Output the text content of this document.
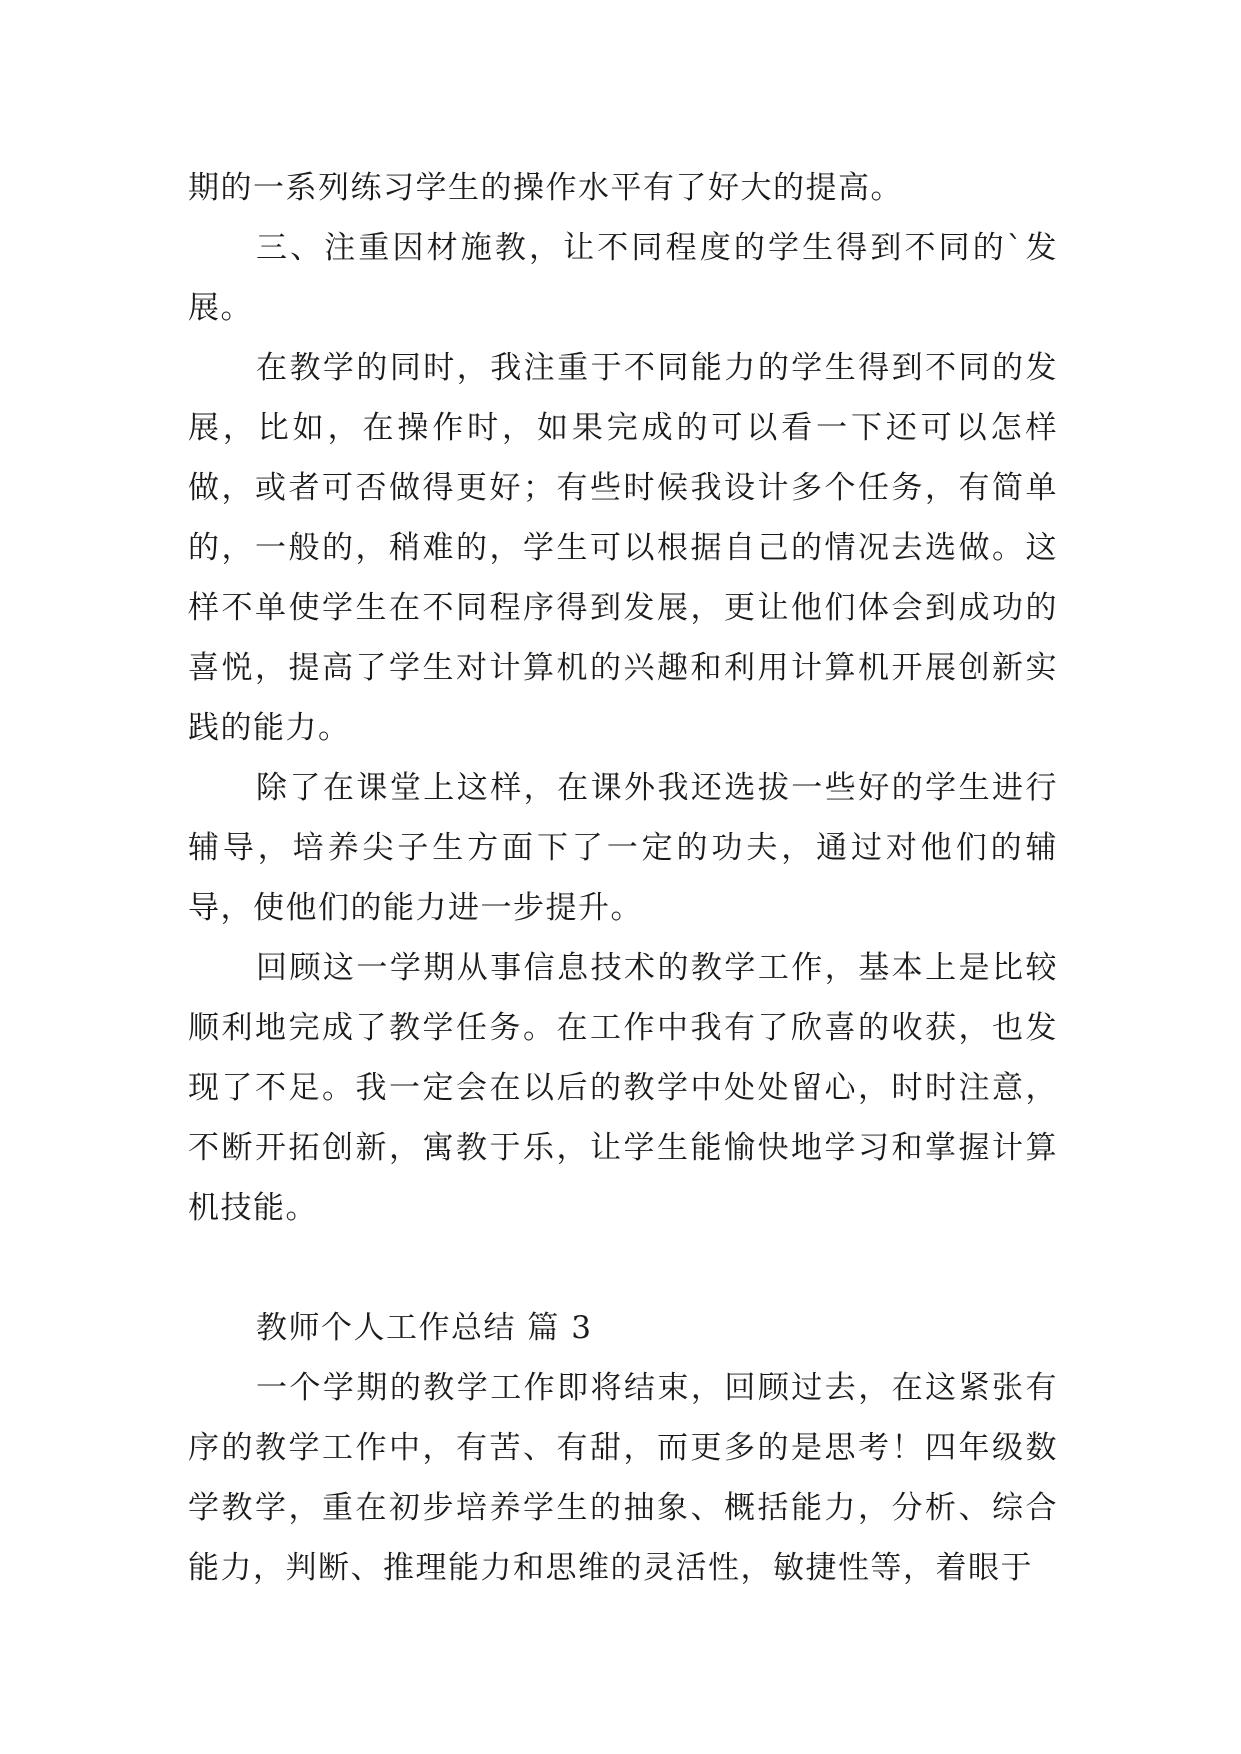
期的一系列练习学生的操作水平有了好大的提高。

三、注重因材施教，让不同程度的学生得到不同的`发展。

在教学的同时，我注重于不同能力的学生得到不同的发展，比如，在操作时，如果完成的可以看一下还可以怎样做，或者可否做得更好；有些时候我设计多个任务，有简单的，一般的，稍难的，学生可以根据自己的情况去选做。这样不单使学生在不同程序得到发展，更让他们体会到成功的喜悦，提高了学生对计算机的兴趣和利用计算机开展创新实践的能力。

除了在课堂上这样，在课外我还选拔一些好的学生进行辅导，培养尖子生方面下了一定的功夫，通过对他们的辅导，使他们的能力进一步提升。

回顾这一学期从事信息技术的教学工作，基本上是比较顺利地完成了教学任务。在工作中我有了欣喜的收获，也发现了不足。我一定会在以后的教学中处处留心，时时注意，不断开拓创新，寓教于乐，让学生能愉快地学习和掌握计算机技能。

教师个人工作总结 篇 3

一个学期的教学工作即将结束，回顾过去，在这紧张有序的教学工作中，有苦、有甜，而更多的是思考！四年级数学教学，重在初步培养学生的抽象、概括能力，分析、综合能力，判断、推理能力和思维的灵活性，敏捷性等，着眼于
